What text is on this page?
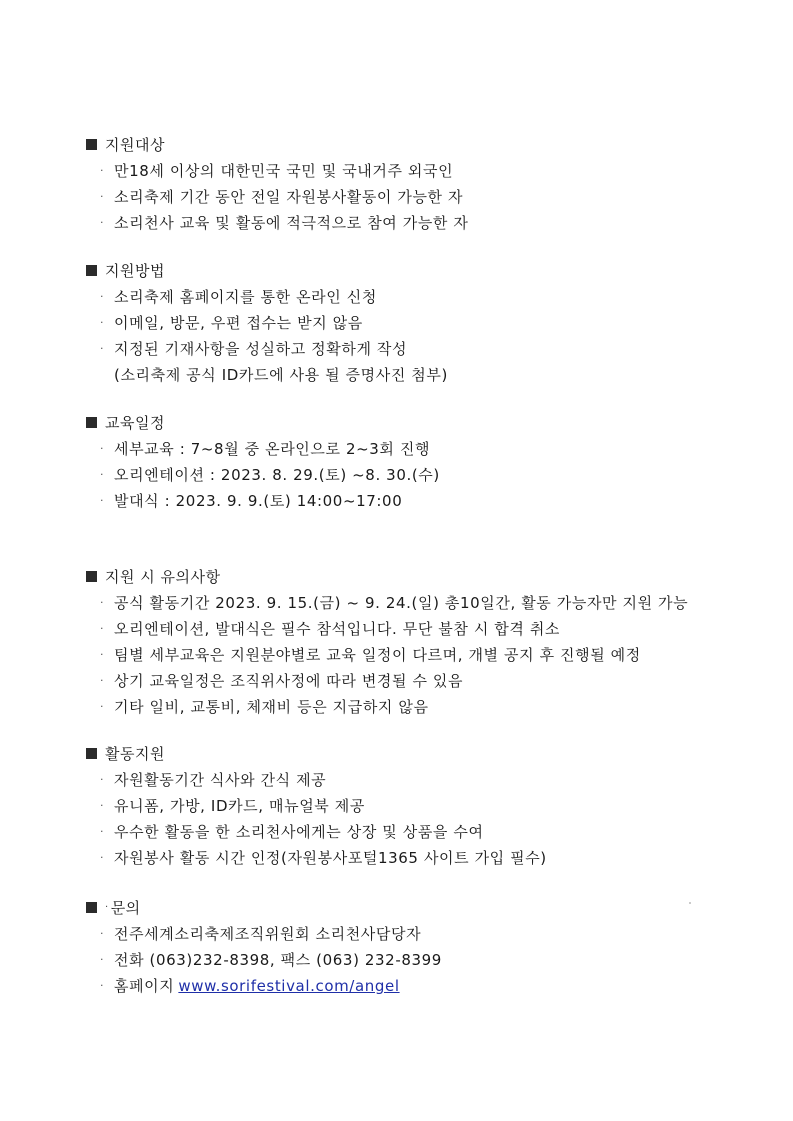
지원대상
· 만18세 이상의 대한민국 국민 및 국내거주 외국인
· 소리축제 기간 동안 전일 자원봉사활동이 가능한 자
· 소리천사 교육 및 활동에 적극적으로 참여 가능한 자
지원방법
· 소리축제 홈페이지를 통한 온라인 신청
· 이메일, 방문, 우편 접수는 받지 않음
· 지정된 기재사항을 성실하고 정확하게 작성
(소리축제 공식 ID카드에 사용 될 증명사진 첨부)
교육일정
· 세부교육 : 7~8월 중 온라인으로 2~3회 진행
· 오리엔테이션 : 2023. 8. 29.(토) ~8. 30.(수)
· 발대식 : 2023. 9. 9.(토) 14:00~17:00
지원 시 유의사항
· 공식 활동기간 2023. 9. 15.(금) ~ 9. 24.(일) 총10일간, 활동 가능자만 지원 가능
· 오리엔테이션, 발대식은 필수 참석입니다. 무단 불참 시 합격 취소
· 팀별 세부교육은 지원분야별로 교육 일정이 다르며, 개별 공지 후 진행될 예정
· 상기 교육일정은 조직위사정에 따라 변경될 수 있음
· 기타 일비, 교통비, 체재비 등은 지급하지 않음
활동지원
· 자원활동기간 식사와 간식 제공
· 유니폼, 가방, ID카드, 매뉴얼북 제공
· 우수한 활동을 한 소리천사에게는 상장 및 상품을 수여
· 자원봉사 활동 시간 인정(자원봉사포털1365 사이트 가입 필수)
· 문의
· 전주세계소리축제조직위원회 소리천사담당자
· 전화 (063)232-8398, 팩스 (063) 232-8399
· 홈페이지 www.sorifestival.com/angel
